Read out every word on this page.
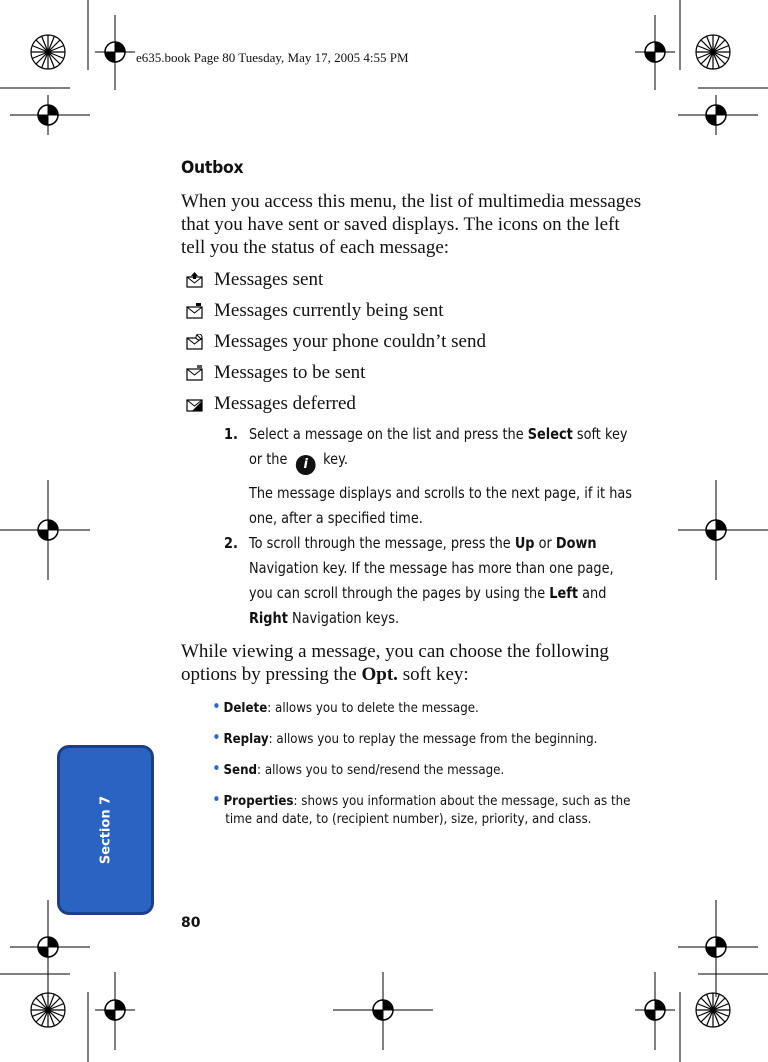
e635.book Page 80 Tuesday, May 17, 2005 4:55 PM
Outbox
When you access this menu, the list of multimedia messages that you have sent or saved displays. The icons on the left tell you the status of each message:
Messages sent
Messages currently being sent
Messages your phone couldn’t send
Messages to be sent
Messages deferred
1. Select a message on the list and press the Select soft key or the i key.
The message displays and scrolls to the next page, if it has one, after a specified time.
2. To scroll through the message, press the Up or Down Navigation key. If the message has more than one page, you can scroll through the pages by using the Left and Right Navigation keys.
While viewing a message, you can choose the following options by pressing the Opt. soft key:
• Delete: allows you to delete the message.
• Replay: allows you to replay the message from the beginning.
• Send: allows you to send/resend the message.
• Properties: shows you information about the message, such as the time and date, to (recipient number), size, priority, and class.
Section 7
80
